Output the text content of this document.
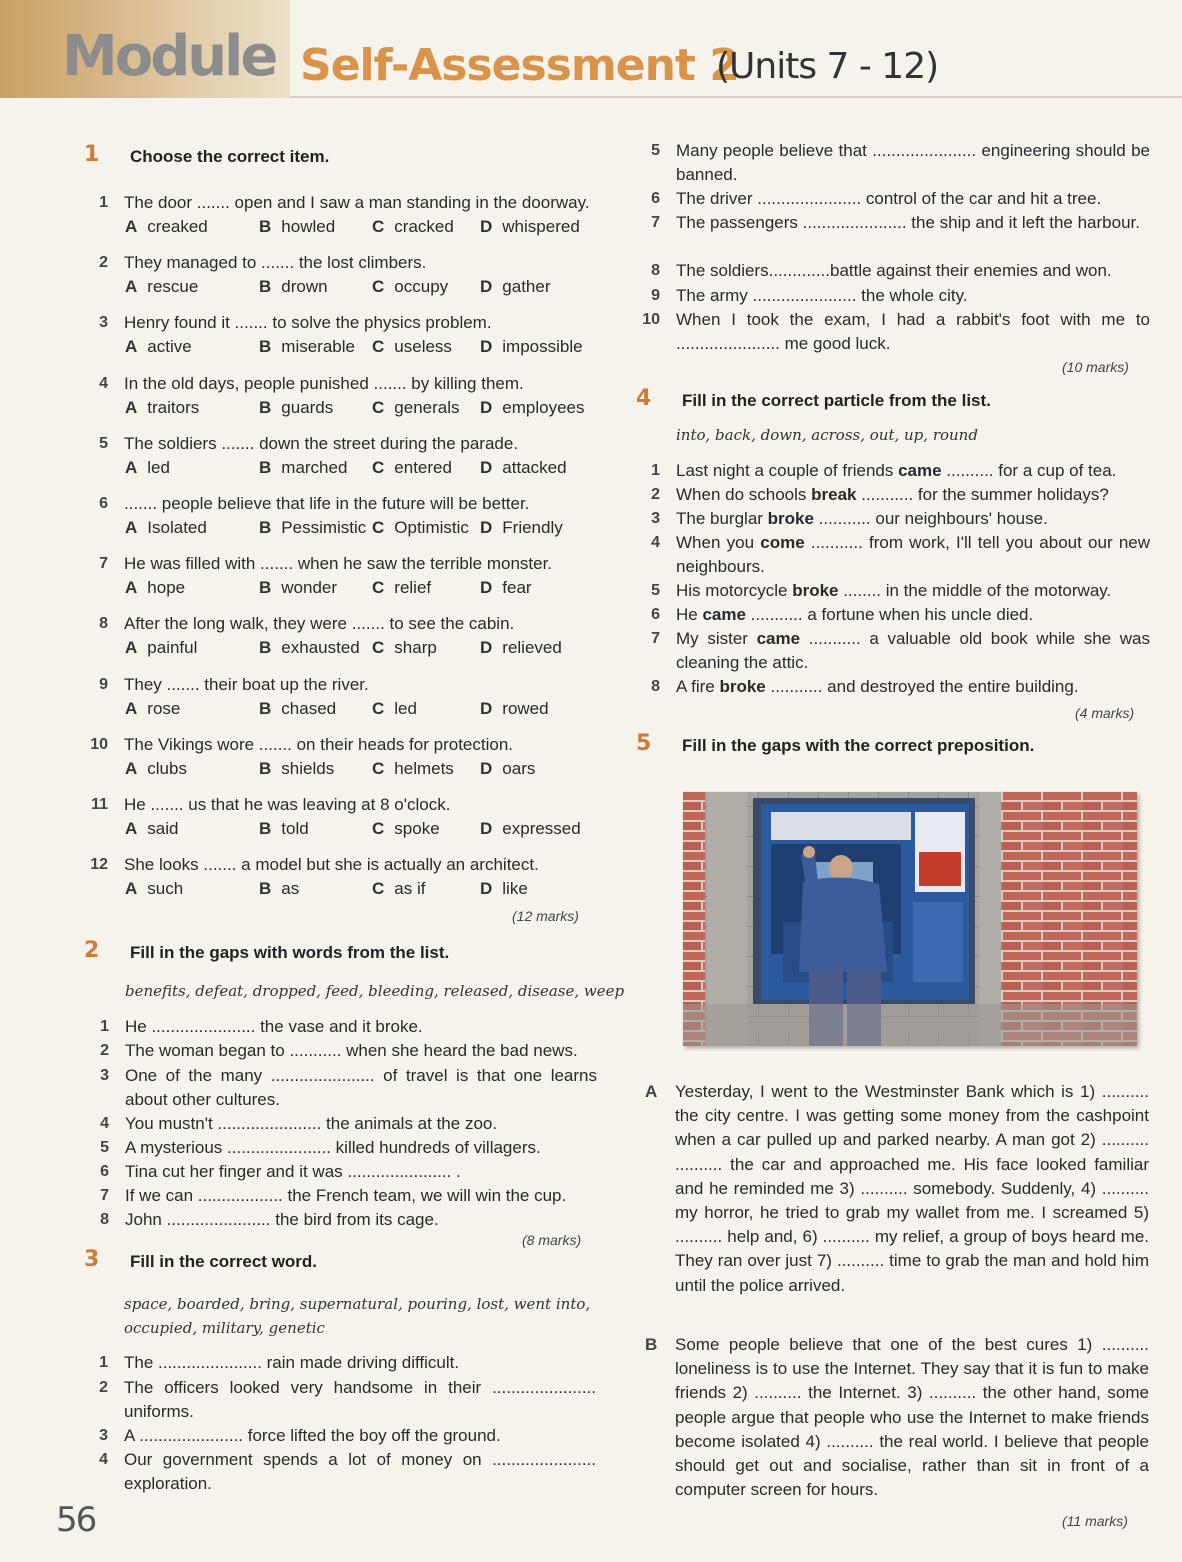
Module Self-Assessment 2
(Units 7 - 12)
1 Choose the correct item.
1 The door ....... open and I saw a man standing in the doorway.
A creaked	B howled C cracked D whispered
2 They managed to ....... the lost climbers.
A rescue	B drown	C occupy D gather
3 Henry found it ....... to solve the physics problem.
A active	B miserable C useless D impossible
4 In the old days, people punished ....... by killing them.
A traitors	B guards C generals D employees
5 The soldiers ....... down the street during the parade.
A led	B marched C entered D attacked
6 ....... people believe that life in the future will be better.
A Isolated	B Pessimistic C Optimistic D Friendly
7 He was filled with ....... when he saw the terrible monster.
A hope	B wonder C relief	D fear
8 After the long walk, they were ....... to see the cabin.
A painful	B exhausted C sharp	D relieved
9 They ....... their boat up the river.
A rose	B chased C led	D rowed
10 The Vikings wore ....... on their heads for protection.
A clubs	B shields C helmets D oars
11 He ....... us that he was leaving at 8 o'clock.
A said	B told	C spoke D expressed
12 She looks ....... a model but she is actually an architect.
A such	B as	C as if	D like
(12 marks)
2 Fill in the gaps with words from the list.
benefits, defeat, dropped, feed, bleeding, released, disease, weep
1 He ...................... the vase and it broke.
2 The woman began to ........... when she heard the bad news.
3 One of the many ...................... of travel is that one learns about other cultures.
4 You mustn't ...................... the animals at the zoo.
5 A mysterious ...................... killed hundreds of villagers.
6 Tina cut her finger and it was ...................... .
7 If we can .................. the French team, we will win the cup.
8 John ...................... the bird from its cage.
(8 marks)
3 Fill in the correct word.
space, boarded, bring, supernatural, pouring, lost, went into, occupied, military, genetic
1 The ...................... rain made driving difficult.
2 The officers looked very handsome in their ...................... uniforms.
3 A ...................... force lifted the boy off the ground.
4 Our government spends a lot of money on ...................... exploration.
5 Many people believe that ...................... engineering should be banned.
6 The driver ...................... control of the car and hit a tree.
7 The passengers ...................... the ship and it left the harbour.
8 The soldiers.............battle against their enemies and won.
9 The army ...................... the whole city.
10 When I took the exam, I had a rabbit's foot with me to ...................... me good luck.
(10 marks)
4 Fill in the correct particle from the list.
into, back, down, across, out, up, round
1 Last night a couple of friends came .......... for a cup of tea.
2 When do schools break ........... for the summer holidays?
3 The burglar broke ........... our neighbours' house.
4 When you come ........... from work, I'll tell you about our new neighbours.
5 His motorcycle broke ........ in the middle of the motorway.
6 He came ........... a fortune when his uncle died.
7 My sister came ........... a valuable old book while she was cleaning the attic.
8 A fire broke ........... and destroyed the entire building.
(4 marks)
5 Fill in the gaps with the correct preposition.
A Yesterday, I went to the Westminster Bank which is 1) .......... the city centre. I was getting some money from the cashpoint when a car pulled up and parked nearby. A man got 2) .......... .......... the car and approached me. His face looked familiar and he reminded me 3) .......... somebody. Suddenly, 4) .......... my horror, he tried to grab my wallet from me. I screamed 5) .......... help and, 6) .......... my relief, a group of boys heard me. They ran over just 7) .......... time to grab the man and hold him until the police arrived.
B Some people believe that one of the best cures 1) .......... loneliness is to use the Internet. They say that it is fun to make friends 2) .......... the Internet. 3) .......... the other hand, some people argue that people who use the Internet to make friends become isolated 4) .......... the real world. I believe that people should get out and socialise, rather than sit in front of a computer screen for hours.
(11 marks)
56
